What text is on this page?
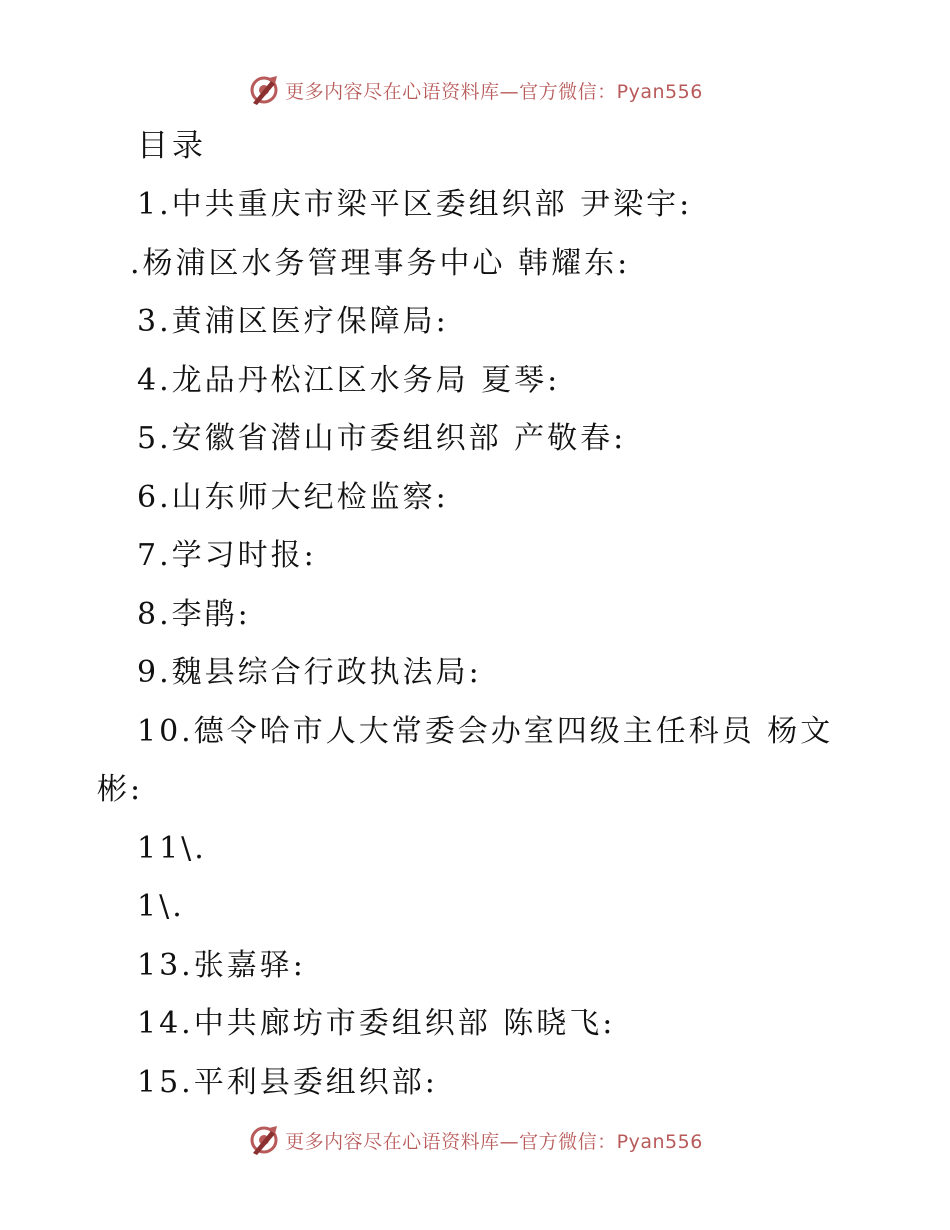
更多内容尽在心语资料库—官方微信：Pyan556
目录
1.中共重庆市梁平区委组织部 尹梁宇:
.杨浦区水务管理事务中心 韩耀东:
3.黄浦区医疗保障局:
4.龙品丹松江区水务局 夏琴:
5.安徽省潜山市委组织部 产敬春:
6.山东师大纪检监察:
7.学习时报:
8.李鹃:
9.魏县综合行政执法局:
10.德令哈市人大常委会办室四级主任科员 杨文
彬:
11\.
1\.
13.张嘉驿:
14.中共廊坊市委组织部 陈晓飞:
15.平利县委组织部:
更多内容尽在心语资料库—官方微信：Pyan556
